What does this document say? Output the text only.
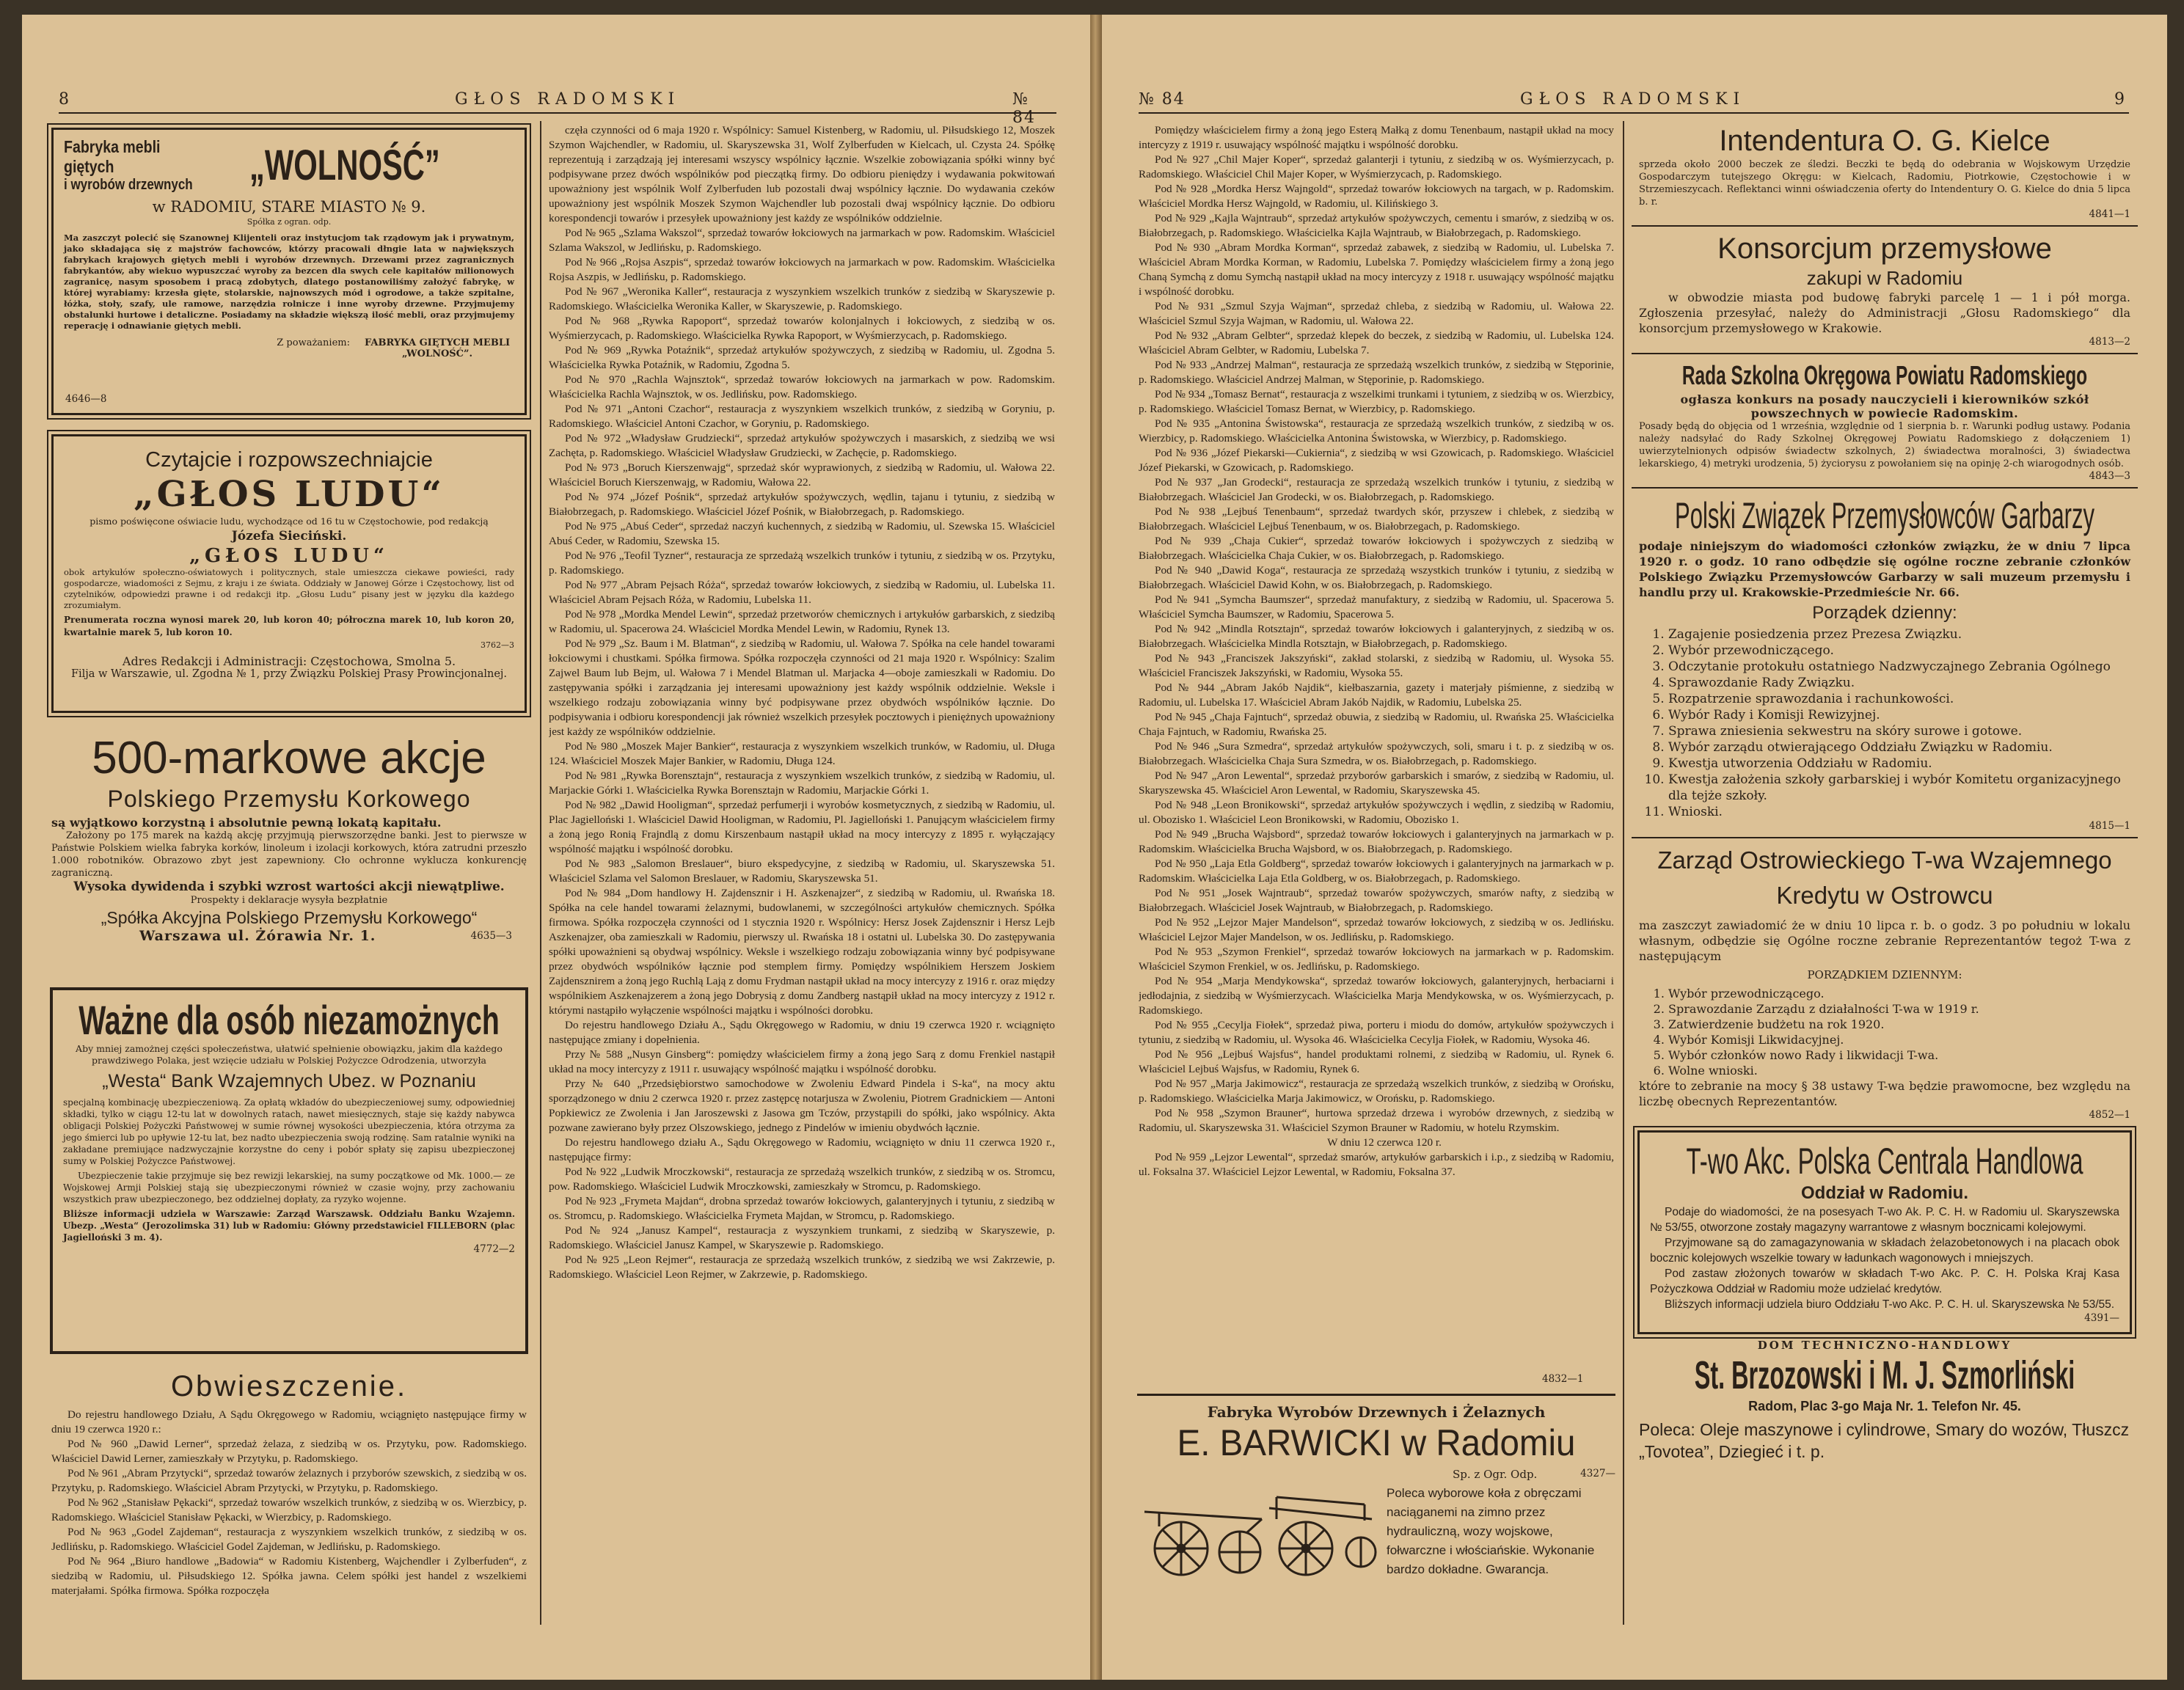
8	GŁOS RADOMSKI	№ 84
Fabryka mebli giętych i wyrobów drzewnych	„WOLNOŚĆ”
w RADOMIU, STARE MIASTO № 9.
Spółka z ogran. odp.
Ma zaszczyt polecić się Szanownej Klijenteli oraz instytucjom tak rządowym jak i prywatnym, jako składająca się z majstrów fachowców, którzy pracowali dłngie lata w największych fabrykach krajowych giętych mebli i wyrobów drzewnych. Drzewami przez zagranicznych fabrykantów, aby wiekuo wypuszczać wyroby za bezcen dla swych cele kapitałów milionowych zagranicę, nasym sposobem i pracą zdobytych, dlatego postanowiliśmy założyć fabrykę, w której wyrabiamy: krzesła gięte, stolarskie, najnowszych mód i ogrodowe, a także szpitalne, łóżka, stoły, szafy, ule ramowe, narzędzia rolnicze i inne wyroby drzewne. Przyjmujemy obstalunki hurtowe i detaliczne. Posiadamy na składzie większą ilość mebli, oraz przyjmujemy reperację i odnawianie giętych mebli.
Z poważaniem:	FABRYKA GIĘTYCH MEBLI „WOLNOŚĆ”.
4646—8
Czytajcie i rozpowszechniajcie
„GŁOS LUDU“
pismo poświęcone oświacie ludu, wychodzące od 16 tu w Częstochowie, pod redakcją
Józefa Sieciński.
„GŁOS LUDU“
obok artykułów społeczno-oświatowych i politycznych, stale umieszcza ciekawe powieści, rady gospodarcze, wiadomości z Sejmu, z kraju i ze świata. Oddziały w Janowej Górze i Częstochowy, list od czytelników, odpowiedzi prawne i od redakcji itp. „Głosu Ludu“ pisany jest w języku dla każdego zrozumiałym.
Prenumerata roczna wynosi marek 20, lub koron 40; półroczna marek 10, lub koron 20, kwartalnie marek 5, lub koron 10.
3762—3
Adres Redakcji i Administracji: Częstochowa, Smolna 5.
Filja w Warszawie, ul. Zgodna № 1, przy Związku Polskiej Prasy Prowincjonalnej.
500-markowe akcje
Polskiego Przemysłu Korkowego
są wyjątkowo korzystną i absolutnie pewną lokatą kapitału.
Założony po 175 marek na każdą akcję przyjmują pierwszorzędne banki. Jest to pierwsze w Państwie Polskiem wielka fabryka korków, linoleum i izolacji korkowych, która zatrudni przeszło 1.000 robotników. Obrazowo zbyt jest zapewniony. Cło ochronne wyklucza konkurencję zagraniczną.
Wysoka dywidenda i szybki wzrost wartości akcji niewątpliwe.
Prospekty i deklaracje wysyła bezpłatnie
„Spółka Akcyjna Polskiego Przemysłu Korkowego“
Warszawa ul. Żórawia Nr. 1.	4635—3
Ważne dla osób niezamożnych
Aby mniej zamożnej części społeczeństwa, ułatwić spełnienie obowiązku, jakim dla każdego prawdziwego Polaka, jest wzięcie udziału w Polskiej Pożyczce Odrodzenia, utworzyła
„Westa“ Bank Wzajemnych Ubez. w Poznaniu
specjalną kombinację ubezpieczeniową. Za opłatą wkładów do ubezpieczeniowej sumy, odpowiedniej składki, tylko w ciągu 12-tu lat w dowolnych ratach, nawet miesięcznych, staje się każdy nabywca obligacji Polskiej Pożyczki Państwowej w sumie równej wysokości ubezpieczenia, która otrzyma za jego śmierci lub po upływie 12-tu lat, bez nadto ubezpieczenia swoją rodzinę. Sam ratalnie wyniki na zakładane premiujące nadzwyczajnie korzystne do ceny i pobór spłaty się zapisu ubezpieczonej sumy w Polskiej Pożyczce Państwowej.
Ubezpieczenie takie przyjmuje się bez rewizji lekarskiej, na sumy początkowe od Mk. 1000.— ze Wojskowej Armji Polskiej stają się ubezpieczonymi również w czasie wojny, przy zachowaniu wszystkich praw ubezpieczonego, bez oddzielnej dopłaty, za ryzyko wojenne.
Bliższe informacji udziela w Warszawie: Zarząd Warszawsk. Oddziału Banku Wzajemn. Ubezp. „Westa“ (Jerozolimska 31) lub w Radomiu: Główny przedstawiciel FILLEBORN (plac Jagielloński 3 m. 4).
4772—2
Obwieszczenie.

Do rejestru handlowego Działu, A Sądu Okręgowego w Radomiu, wciągnięto następujące firmy w dniu 19 czerwca 1920 r.:

Pod № 960 „Dawid Lerner“, sprzedaż żelaza, z siedzibą w os. Przytyku, pow. Radomskiego. Właściciel Dawid Lerner, zamieszkały w Przytyku, p. Radomskiego.

Pod № 961 „Abram Przytycki“, sprzedaż towarów żelaznych i przyborów szewskich, z siedzibą w os. Przytyku, p. Radomskiego. Właściciel Abram Przytycki, w Przytyku, p. Radomskiego.

Pod № 962 „Stanisław Pękacki“, sprzedaż towarów wszelkich trunków, z siedzibą w os. Wierzbicy, p. Radomskiego. Właściciel Stanisław Pękacki, w Wierzbicy, p. Radomskiego.

Pod № 963 „Godel Zajdeman“, restauracja z wyszynkiem wszelkich trunków, z siedzibą w os. Jedlińsku, p. Radomskiego. Właściciel Godel Zajdeman, w Jedlińsku, p. Radomskiego.

Pod № 964 „Biuro handlowe „Badowia“ w Radomiu Kistenberg, Wajchendler i Zylberfuden“, z siedzibą w Radomiu, ul. Piłsudskiego 12. Spółka jawna. Celem spółki jest handel z wszelkiemi materjałami. Spółka firmowa. Spółka rozpoczęła

częła czynności od 6 maja 1920 r. Wspólnicy: Samuel Kistenberg, w Radomiu, ul. Piłsudskiego 12, Moszek Szymon Wajchendler, w Radomiu, ul. Skaryszewska 31, Wolf Zylberfuden w Kielcach, ul. Czysta 24. Spółkę reprezentują i zarządzają jej interesami wszyscy wspólnicy łącznie. Wszelkie zobowiązania spółki winny być podpisywane przez dwóch wspólników pod pieczątką firmy. Do odbioru pieniędzy i wydawania pokwitowań upoważniony jest wspólnik Wolf Zylberfuden lub pozostali dwaj wspólnicy łącznie. Do wydawania czeków upoważniony jest wspólnik Moszek Szymon Wajchendler lub pozostali dwaj wspólnicy łącznie. Do odbioru korespondencji towarów i przesyłek upoważniony jest każdy ze wspólników oddzielnie.

Pod № 965 „Szlama Wakszol“, sprzedaż towarów łokciowych na jarmarkach w pow. Radomskim. Właściciel Szlama Wakszol, w Jedlińsku, p. Radomskiego.

Pod № 966 „Rojsa Aszpis“, sprzedaż towarów łokciowych na jarmarkach w pow. Radomskim. Właścicielka Rojsa Aszpis, w Jedlińsku, p. Radomskiego.

Pod № 967 „Weronika Kaller“, restauracja z wyszynkiem wszelkich trunków z siedzibą w Skaryszewie p. Radomskiego. Właścicielka Weronika Kaller, w Skaryszewie, p. Radomskiego.

Pod № 968 „Rywka Rapoport“, sprzedaż towarów kolonjalnych i łokciowych, z siedzibą w os. Wyśmierzycach, p. Radomskiego. Właścicielka Rywka Rapoport, w Wyśmierzycach, p. Radomskiego.

Pod № 969 „Rywka Potaźnik“, sprzedaż artykułów spożywczych, z siedzibą w Radomiu, ul. Zgodna 5. Właścicielka Rywka Potaźnik, w Radomiu, Zgodna 5.

Pod № 970 „Rachla Wajnsztok“, sprzedaż towarów łokciowych na jarmarkach w pow. Radomskim. Właścicielka Rachla Wajnsztok, w os. Jedlińsku, pow. Radomskiego.

Pod № 971 „Antoni Czachor“, restauracja z wyszynkiem wszelkich trunków, z siedzibą w Goryniu, p. Radomskiego. Właściciel Antoni Czachor, w Goryniu, p. Radomskiego.

Pod № 972 „Władysław Grudziecki“, sprzedaż artykułów spożywczych i masarskich, z siedzibą we wsi Zachęta, p. Radomskiego. Właściciel Władysław Grudziecki, w Zachęcie, p. Radomskiego.

Pod № 973 „Boruch Kierszenwajg“, sprzedaż skór wyprawionych, z siedzibą w Radomiu, ul. Wałowa 22. Właściciel Boruch Kierszenwajg, w Radomiu, Wałowa 22.

Pod № 974 „Józef Pośnik“, sprzedaż artykułów spożywczych, wędlin, tajanu i tytuniu, z siedzibą w Białobrzegach, p. Radomskiego. Właściciel Józef Pośnik, w Białobrzegach, p. Radomskiego.

Pod № 975 „Abuś Ceder“, sprzedaż naczyń kuchennych, z siedzibą w Radomiu, ul. Szewska 15. Właściciel Abuś Ceder, w Radomiu, Szewska 15.

Pod № 976 „Teofil Tyzner“, restauracja ze sprzedażą wszelkich trunków i tytuniu, z siedzibą w os. Przytyku, p. Radomskiego.

Pod № 977 „Abram Pejsach Róża“, sprzedaż towarów łokciowych, z siedzibą w Radomiu, ul. Lubelska 11. Właściciel Abram Pejsach Róża, w Radomiu, Lubelska 11.

Pod № 978 „Mordka Mendel Lewin“, sprzedaż przetworów chemicznych i artykułów garbarskich, z siedzibą w Radomiu, ul. Spacerowa 24. Właściciel Mordka Mendel Lewin, w Radomiu, Rynek 13.

Pod № 979 „Sz. Baum i M. Blatman“, z siedzibą w Radomiu, ul. Wałowa 7. Spółka na cele handel towarami łokciowymi i chustkami. Spółka firmowa. Spółka rozpoczęła czynności od 21 maja 1920 r. Wspólnicy: Szalim Zajwel Baum lub Bejm, ul. Wałowa 7 i Mendel Blatman ul. Marjacka 4—oboje zamieszkali w Radomiu. Do zastępywania spółki i zarządzania jej interesami upoważniony jest każdy wspólnik oddzielnie. Weksle i wszelkiego rodzaju zobowiązania winny być podpisywane przez obydwóch wspólników łącznie. Do podpisywania i odbioru korespondencji jak również wszelkich przesyłek pocztowych i pieniężnych upoważniony jest każdy ze wspólników oddzielnie.

Pod № 980 „Moszek Majer Bankier“, restauracja z wyszynkiem wszelkich trunków, w Radomiu, ul. Długa 124. Właściciel Moszek Majer Bankier, w Radomiu, Długa 124.

Pod № 981 „Rywka Borensztajn“, restauracja z wyszynkiem wszelkich trunków, z siedzibą w Radomiu, ul. Marjackie Górki 1. Właścicielka Rywka Borensztajn w Radomiu, Marjackie Górki 1.

Pod № 982 „Dawid Hooligman“, sprzedaż perfumerji i wyrobów kosmetycznych, z siedzibą w Radomiu, ul. Plac Jagielloński 1. Właściciel Dawid Hooligman, w Radomiu, Pl. Jagielloński 1. Panującym właścicielem firmy a żoną jego Ronią Frajndlą z domu Kirszenbaum nastąpił układ na mocy intercyzy z 1895 r. wyłączający wspólność majątku i wspólność dorobku.

Pod № 983 „Salomon Breslauer“, biuro ekspedycyjne, z siedzibą w Radomiu, ul. Skaryszewska 51. Właściciel Szlama vel Salomon Breslauer, w Radomiu, Skaryszewska 51.

Pod № 984 „Dom handlowy H. Zajdensznir i H. Aszkenajzer“, z siedzibą w Radomiu, ul. Rwańska 18. Spółka na cele handel towarami żelaznymi, budowlanemi, w szczególności artykułów chemicznych. Spółka firmowa. Spółka rozpoczęła czynności od 1 stycznia 1920 r. Wspólnicy: Hersz Josek Zajdensznir i Hersz Lejb Aszkenajzer, oba zamieszkali w Radomiu, pierwszy ul. Rwańska 18 i ostatni ul. Lubelska 30. Do zastępywania spółki upoważnieni są obydwaj wspólnicy. Weksle i wszelkiego rodzaju zobowiązania winny być podpisywane przez obydwóch wspólników łącznie pod stemplem firmy. Pomiędzy wspólnikiem Herszem Joskiem Zajdensznirem a żoną jego Ruchlą Lają z domu Frydman nastąpił układ na mocy intercyzy z 1916 r. oraz między wspólnikiem Aszkenajzerem a żoną jego Dobrysią z domu Zandberg nastąpił układ na mocy intercyzy z 1912 r. którymi nastąpiło wyłączenie wspólności majątku i wspólności dorobku.

Do rejestru handlowego Działu A., Sądu Okręgowego w Radomiu, w dniu 19 czerwca 1920 r. wciągnięto następujące zmiany i dopełnienia.

Przy № 588 „Nusyn Ginsberg“: pomiędzy właścicielem firmy a żoną jego Sarą z domu Frenkiel nastąpił układ na mocy intercyzy z 1911 r. usuwający wspólność majątku i wspólność dorobku.

Przy № 640 „Przedsiębiorstwo samochodowe w Zwoleniu Edward Pindela i S-ka“, na mocy aktu sporządzonego w dniu 2 czerwca 1920 r. przez zastępcę notarjusza w Zwoleniu, Piotrem Gradnickiem — Antoni Popkiewicz ze Zwolenia i Jan Jaroszewski z Jasowa gm Tczów, przystąpili do spółki, jako wspólnicy. Akta pozwane zawierano były przez Olszowskiego, jednego z Pindelów w imieniu obydwóch łącznie.

Do rejestru handlowego działu A., Sądu Okręgowego w Radomiu, wciągnięto w dniu 11 czerwca 1920 r., następujące firmy:

Pod № 922 „Ludwik Mroczkowski“, restauracja ze sprzedażą wszelkich trunków, z siedzibą w os. Stromcu, pow. Radomskiego. Właściciel Ludwik Mroczkowski, zamieszkały w Stromcu, p. Radomskiego.

Pod № 923 „Frymeta Majdan“, drobna sprzedaż towarów łokciowych, galanteryjnych i tytuniu, z siedzibą w os. Stromcu, p. Radomskiego. Właścicielka Frymeta Majdan, w Stromcu, p. Radomskiego.

Pod № 924 „Janusz Kampel“, restauracja z wyszynkiem trunkami, z siedzibą w Skaryszewie, p. Radomskiego. Właściciel Janusz Kampel, w Skaryszewie p. Radomskiego.

Pod № 925 „Leon Rejmer“, restauracja ze sprzedażą wszelkich trunków, z siedzibą we wsi Zakrzewie, p. Radomskiego. Właściciel Leon Rejmer, w Zakrzewie, p. Radomskiego.

№ 84	GŁOS RADOMSKI	9

Pomiędzy właścicielem firmy a żoną jego Esterą Małką z domu Tenenbaum, nastąpił układ na mocy intercyzy z 1919 r. usuwający wspólność majątku i wspólność dorobku.

Pod № 927 „Chil Majer Koper“, sprzedaż galanterji i tytuniu, z siedzibą w os. Wyśmierzycach, p. Radomskiego. Właściciel Chil Majer Koper, w Wyśmierzycach, p. Radomskiego.

Pod № 928 „Mordka Hersz Wajngold“, sprzedaż towarów łokciowych na targach, w p. Radomskim. Właściciel Mordka Hersz Wajngold, w Radomiu, ul. Kilińskiego 3.

Pod № 929 „Kajla Wajntraub“, sprzedaż artykułów spożywczych, cementu i smarów, z siedzibą w os. Białobrzegach, p. Radomskiego. Właścicielka Kajla Wajntraub, w Białobrzegach, p. Radomskiego.

Pod № 930 „Abram Mordka Korman“, sprzedaż zabawek, z siedzibą w Radomiu, ul. Lubelska 7. Właściciel Abram Mordka Korman, w Radomiu, Lubelska 7. Pomiędzy właścicielem firmy a żoną jego Chaną Symchą z domu Symchą nastąpił układ na mocy intercyzy z 1918 r. usuwający wspólność majątku i wspólność dorobku.

Pod № 931 „Szmul Szyja Wajman“, sprzedaż chleba, z siedzibą w Radomiu, ul. Wałowa 22. Właściciel Szmul Szyja Wajman, w Radomiu, ul. Wałowa 22.

Pod № 932 „Abram Gelbter“, sprzedaż klepek do beczek, z siedzibą w Radomiu, ul. Lubelska 124. Właściciel Abram Gelbter, w Radomiu, Lubelska 7.

Pod № 933 „Andrzej Malman“, restauracja ze sprzedażą wszelkich trunków, z siedzibą w Stęporinie, p. Radomskiego. Właściciel Andrzej Malman, w Stęporinie, p. Radomskiego.

Pod № 934 „Tomasz Bernat“, restauracja z wszelkimi trunkami i tytuniem, z siedzibą w os. Wierzbicy, p. Radomskiego. Właściciel Tomasz Bernat, w Wierzbicy, p. Radomskiego.

Pod № 935 „Antonina Świstowska“, restauracja ze sprzedażą wszelkich trunków, z siedzibą w os. Wierzbicy, p. Radomskiego. Właścicielka Antonina Świstowska, w Wierzbicy, p. Radomskiego.

Pod № 936 „Józef Piekarski—Cukiernia“, z siedzibą w wsi Gzowicach, p. Radomskiego. Właściciel Józef Piekarski, w Gzowicach, p. Radomskiego.

Pod № 937 „Jan Grodecki“, restauracja ze sprzedażą wszelkich trunków i tytuniu, z siedzibą w Białobrzegach. Właściciel Jan Grodecki, w os. Białobrzegach, p. Radomskiego.

Pod № 938 „Lejbuś Tenenbaum“, sprzedaż twardych skór, przyszew i chlebek, z siedzibą w Białobrzegach. Właściciel Lejbuś Tenenbaum, w os. Białobrzegach, p. Radomskiego.

Pod № 939 „Chaja Cukier“, sprzedaż towarów łokciowych i spożywczych z siedzibą w Białobrzegach. Właścicielka Chaja Cukier, w os. Białobrzegach, p. Radomskiego.

Pod № 940 „Dawid Koga“, restauracja ze sprzedażą wszystkich trunków i tytuniu, z siedzibą w Białobrzegach. Właściciel Dawid Kohn, w os. Białobrzegach, p. Radomskiego.

Pod № 941 „Symcha Baumszer“, sprzedaż manufaktury, z siedzibą w Radomiu, ul. Spacerowa 5. Właściciel Symcha Baumszer, w Radomiu, Spacerowa 5.

Pod № 942 „Mindla Rotsztajn“, sprzedaż towarów łokciowych i galanteryjnych, z siedzibą w os. Białobrzegach. Właścicielka Mindla Rotsztajn, w Białobrzegach, p. Radomskiego.

Pod № 943 „Franciszek Jakszyński“, zakład stolarski, z siedzibą w Radomiu, ul. Wysoka 55. Właściciel Franciszek Jakszyński, w Radomiu, Wysoka 55.

Pod № 944 „Abram Jakób Najdik“, kiełbaszarnia, gazety i materjały piśmienne, z siedzibą w Radomiu, ul. Lubelska 17. Właściciel Abram Jakób Najdik, w Radomiu, Lubelska 25.

Pod № 945 „Chaja Fajntuch“, sprzedaż obuwia, z siedzibą w Radomiu, ul. Rwańska 25. Właścicielka Chaja Fajntuch, w Radomiu, Rwańska 25.

Pod № 946 „Sura Szmedra“, sprzedaż artykułów spożywczych, soli, smaru i t. p. z siedzibą w os. Białobrzegach. Właścicielka Chaja Sura Szmedra, w os. Białobrzegach, p. Radomskiego.

Pod № 947 „Aron Lewental“, sprzedaż przyborów garbarskich i smarów, z siedzibą w Radomiu, ul. Skaryszewska 45. Właściciel Aron Lewental, w Radomiu, Skaryszewska 45.

Pod № 948 „Leon Bronikowski“, sprzedaż artykułów spożywczych i wędlin, z siedzibą w Radomiu, ul. Obozisko 1. Właściciel Leon Bronikowski, w Radomiu, Obozisko 1.

Pod № 949 „Brucha Wajsbord“, sprzedaż towarów łokciowych i galanteryjnych na jarmarkach w p. Radomskim. Właścicielka Brucha Wajsbord, w os. Białobrzegach, p. Radomskiego.

Pod № 950 „Laja Etla Goldberg“, sprzedaż towarów łokciowych i galanteryjnych na jarmarkach w p. Radomskim. Właścicielka Laja Etla Goldberg, w os. Białobrzegach, p. Radomskiego.

Pod № 951 „Josek Wajntraub“, sprzedaż towarów spożywczych, smarów nafty, z siedzibą w Białobrzegach. Właściciel Josek Wajntraub, w Białobrzegach, p. Radomskiego.

Pod № 952 „Lejzor Majer Mandelson“, sprzedaż towarów łokciowych, z siedzibą w os. Jedlińsku. Właściciel Lejzor Majer Mandelson, w os. Jedlińsku, p. Radomskiego.

Pod № 953 „Szymon Frenkiel“, sprzedaż towarów łokciowych na jarmarkach w p. Radomskim. Właściciel Szymon Frenkiel, w os. Jedlińsku, p. Radomskiego.

Pod № 954 „Marja Mendykowska“, sprzedaż towarów łokciowych, galanteryjnych, herbaciarni i jedłodajnia, z siedzibą w Wyśmierzycach. Właścicielka Marja Mendykowska, w os. Wyśmierzycach, p. Radomskiego.

Pod № 955 „Cecylja Fiołek“, sprzedaż piwa, porteru i miodu do domów, artykułów spożywczych i tytuniu, z siedzibą w Radomiu, ul. Wysoka 46. Właścicielka Cecylja Fiołek, w Radomiu, Wysoka 46.

Pod № 956 „Lejbuś Wajsfus“, handel produktami rolnemi, z siedzibą w Radomiu, ul. Rynek 6. Właściciel Lejbuś Wajsfus, w Radomiu, Rynek 6.

Pod № 957 „Marja Jakimowicz“, restauracja ze sprzedażą wszelkich trunków, z siedzibą w Orońsku, p. Radomskiego. Właścicielka Marja Jakimowicz, w Orońsku, p. Radomskiego.

Pod № 958 „Szymon Brauner“, hurtowa sprzedaż drzewa i wyrobów drzewnych, z siedzibą w Radomiu, ul. Skaryszewska 31. Właściciel Szymon Brauner w Radomiu, w hotelu Rzymskim.

W dniu 12 czerwca 120 r.

Pod № 959 „Lejzor Lewental“, sprzedaż smarów, artykułów garbarskich i i.p., z siedzibą w Radomiu, ul. Foksalna 37. Właściciel Lejzor Lewental, w Radomiu, Foksalna 37.

4832—1
Fabryka Wyrobów Drzewnych i Żelaznych
E. BARWICKI w Radomiu
Sp. z Ogr. Odp.	4327—
Poleca wyborowe koła z obręczami naciąganemi na zimno przez hydrauliczną, wozy wojskowe, fołwarczne i włościańskie. Wykonanie bardzo dokładne. Gwarancja.
Intendentura O. G. Kielce
sprzeda około 2000 beczek ze śledzi. Beczki te będą do odebrania w Wojskowym Urzędzie Gospodarczym tutejszego Okręgu: w Kielcach, Radomiu, Piotrkowie, Częstochowie i w Strzemieszycach. Reflektanci winni oświadczenia oferty do Intendentury O. G. Kielce do dnia 5 lipca b. r.
4841—1
Konsorcjum przemysłowe
zakupi w Radomiu
w obwodzie miasta pod budowę fabryki parcelę 1 — 1 i pół morga. Zgłoszenia przesyłać, należy do Administracji „Głosu Radomskiego“ dla konsorcjum przemysłowego w Krakowie.
4813—2
Rada Szkolna Okręgowa Powiatu Radomskiego
ogłasza konkurs na posady nauczycieli i kierowników szkół powszechnych w powiecie Radomskim.
Posady będą do objęcia od 1 września, względnie od 1 sierpnia b. r. Warunki podług ustawy. Podania należy nadsyłać do Rady Szkolnej Okręgowej Powiatu Radomskiego z dołączeniem 1) uwierzytelnionych odpisów świadectw szkolnych, 2) świadectwa moralności, 3) świadectwa lekarskiego, 4) metryki urodzenia, 5) życiorysu z powołaniem się na opinję 2-ch wiarogodnych osób.
4843—3
Polski Związek Przemysłowców Garbarzy
podaje niniejszym do wiadomości członków związku, że w dniu 7 lipca 1920 r. o godz. 10 rano odbędzie się ogólne roczne zebranie członków Polskiego Związku Przemysłowców Garbarzy w sali muzeum przemysłu i handlu przy ul. Krakowskie-Przedmieście Nr. 66.
Porządek dzienny:
1. Zagajenie posiedzenia przez Prezesa Związku.
2. Wybór przewodniczącego.
3. Odczytanie protokułu ostatniego Nadzwyczajnego Zebrania Ogólnego
4. Sprawozdanie Rady Związku.
5. Rozpatrzenie sprawozdania i rachunkowości.
6. Wybór Rady i Komisji Rewizyjnej.
7. Sprawa zniesienia sekwestru na skóry surowe i gotowe.
8. Wybór zarządu otwierającego Oddziału Związku w Radomiu.
9. Kwestja utworzenia Oddziału w Radomiu.
10. Kwestja założenia szkoły garbarskiej i wybór Komitetu organizacyjnego dla tejże szkoły.
11. Wnioski.
4815—1
Zarząd Ostrowieckiego T-wa Wzajemnego Kredytu w Ostrowcu
ma zaszczyt zawiadomić że w dniu 10 lipca r. b. o godz. 3 po południu w lokalu własnym, odbędzie się Ogólne roczne zebranie Reprezentantów tegoż T-wa z następującym
PORZĄDKIEM DZIENNYM:
1. Wybór przewodniczącego.
2. Sprawozdanie Zarządu z działalności T-wa w 1919 r.
3. Zatwierdzenie budżetu na rok 1920.
4. Wybór Komisji Likwidacyjnej.
5. Wybór członków nowo Rady i likwidacji T-wa.
6. Wolne wnioski.
które to zebranie na mocy § 38 ustawy T-wa będzie prawomocne, bez względu na liczbę obecnych Reprezentantów.
4852—1
T-wo Akc. Polska Centrala Handlowa
Oddział w Radomiu.
Podaje do wiadomości, że na posesyach T-wo Ak. P. C. H. w Radomiu ul. Skaryszewska № 53/55, otworzone zostały magazyny warrantowe z własnym bocznicami kolejowymi.
Przyjmowane są do zamagazynowania w składach żelazobetonowych i na placach obok bocznic kolejowych wszelkie towary w ładunkach wagonowych i mniejszych.
Pod zastaw złożonych towarów w składach T-wo Akc. P. C. H. Polska Kraj Kasa Pożyczkowa Oddział w Radomiu może udzielać kredytów.
Bliższych informacji udziela biuro Oddziału T-wo Akc. P. C. H. ul. Skaryszewska № 53/55.
4391—
DOM TECHNICZNO-HANDLOWY
St. Brzozowski i M. J. Szmorliński
Radom, Plac 3-go Maja Nr. 1. Telefon Nr. 45.
Poleca: Oleje maszynowe i cylindrowe, Smary do wozów, Tłuszcz „Tovotea”, Dziegieć i t. p.
